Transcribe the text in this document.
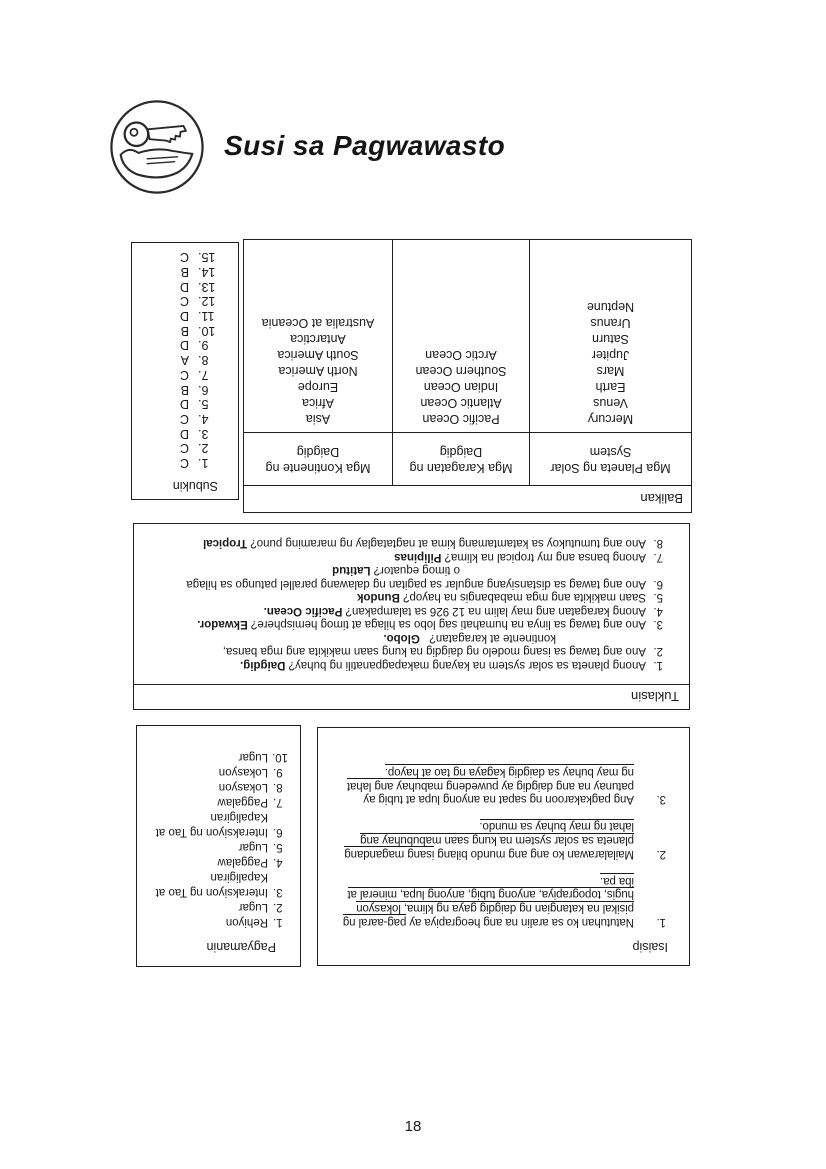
Susi sa Pagwawasto
Subukin
1.
C
2.
C
3.
D
4.
C
5.
D
6.
B
7.
C
8.
A
9.
D
10.
B
11.
D
12.
C
13.
D
14.
B
15.
C
Balikan
Mga Planeta ng Solar
System
Mga Karagatan ng
Daigdig
Mga Kontinente ng
Daigdig
Mercury
Venus
Earth
Mars
Jupiter
Saturn
Uranus
Neptune
Pacific Ocean
Atlantic Ocean
Indian Ocean
Southern Ocean
Arctic Ocean
Asia
Africa
Europe
North America
South America
Antarctica
Australia at Oceania
Tuklasin
1.
Anong planeta sa solar system na kayang makapagpanatili ng buhay? Daigdig.
2.
Ano ang tawag sa isang modelo ng daigdig na kung saan makikita ang mga bansa,
kontinente at karagatan?   Globo.
3.
Ano ang tawag sa linya na humahati sag lobo sa hilaga at timog hemisphere? Ekwador.
4.
Anong karagatan ang may lalim na 12 926 sa talampakan? Pacific Ocean.
5.
Saan makikita ang mga mababangis na hayop? Bundok
6.
Ano ang tawag sa distansiyang angular sa pagitan ng dalawang parallel patungo sa hilaga
o timog equator? Latitud
7.
Anong bansa ang my tropical na klima? Pilipinas
8.
Ano ang tumutukoy sa katamtamang kima at nagtataglay ng maraming puno? Tropical
Isaisip
1.
Natutuhan ko sa aralin na ang heograpiya ay pag-aaral ng
pisikal na katangian ng daigdig gaya ng klima, lokasyon
hugis, topograpiya, anyong tubig, anyong lupa, mineral at
iba pa.
2.
Mailalarawan ko ang ang mundo bilang isang magandang
planeta sa solar system na kung saan mabubuhay ang
lahat ng may buhay sa mundo.
3.
Ang pagkakaroon ng sapat na anyong lupa at tubig ay
patunay na ang daigdig ay puwedeng mabuhay ang lahat
ng may buhay sa daigdig kagaya ng tao at hayop.
Pagyamanin
1.
Rehiyon
2.
Lugar
3.
Interaksiyon ng Tao at
Kapaligiran
4.
Paggalaw
5.
Lugar
6.
Interaksiyon ng Tao at
Kapaligiran
7.
Paggalaw
8.
Lokasyon
9.
Lokasyon
10.
Lugar
18
